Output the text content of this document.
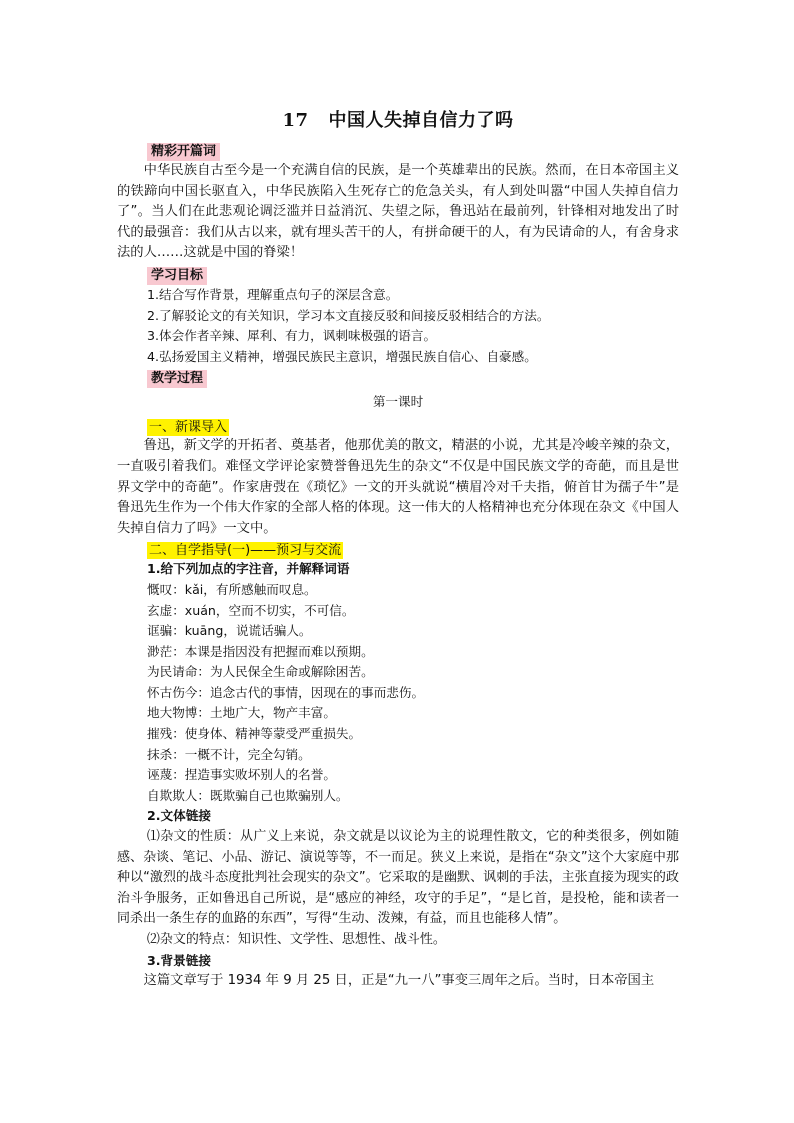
17 中国人失掉自信力了吗
精彩开篇词

中华民族自古至今是一个充满自信的民族，是一个英雄辈出的民族。然而，在日本帝国主义的铁蹄向中国长驱直入，中华民族陷入生死存亡的危急关头，有人到处叫嚣“中国人失掉自信力了”。当人们在此悲观论调泛滥并日益消沉、失望之际，鲁迅站在最前列，针锋相对地发出了时代的最强音：我们从古以来，就有埋头苦干的人，有拼命硬干的人，有为民请命的人，有舍身求法的人……这就是中国的脊梁！

学习目标

1.结合写作背景，理解重点句子的深层含意。

2.了解驳论文的有关知识，学习本文直接反驳和间接反驳相结合的方法。

3.体会作者辛辣、犀利、有力，讽刺味极强的语言。

4.弘扬爱国主义精神，增强民族民主意识，增强民族自信心、自豪感。

教学过程
第一课时
一、新课导入

鲁迅，新文学的开拓者、奠基者，他那优美的散文，精湛的小说，尤其是冷峻辛辣的杂文，一直吸引着我们。难怪文学评论家赞誉鲁迅先生的杂文“不仅是中国民族文学的奇葩，而且是世界文学中的奇葩”。作家唐弢在《琐忆》一文的开头就说“横眉冷对千夫指，俯首甘为孺子牛”是鲁迅先生作为一个伟大作家的全部人格的体现。这一伟大的人格精神也充分体现在杂文《中国人失掉自信力了吗》一文中。

二、自学指导(一)——预习与交流

1.给下列加点的字注音，并解释词语

慨叹：kǎi，有所感触而叹息。

玄虚：xuán，空而不切实，不可信。

诓骗：kuāng，说谎话骗人。

渺茫：本课是指因没有把握而难以预期。

为民请命：为人民保全生命或解除困苦。

怀古伤今：追念古代的事情，因现在的事而悲伤。

地大物博：土地广大，物产丰富。

摧残：使身体、精神等蒙受严重损失。

抹杀：一概不计，完全勾销。

诬蔑：捏造事实败坏别人的名誉。

自欺欺人：既欺骗自己也欺骗别人。

2.文体链接

⑴杂文的性质：从广义上来说，杂文就是以议论为主的说理性散文，它的种类很多，例如随感、杂谈、笔记、小品、游记、演说等等，不一而足。狭义上来说，是指在“杂文”这个大家庭中那种以“激烈的战斗态度批判社会现实的杂文”。它采取的是幽默、讽刺的手法，主张直接为现实的政治斗争服务，正如鲁迅自己所说，是“感应的神经，攻守的手足”，“是匕首，是投枪，能和读者一同杀出一条生存的血路的东西”，写得“生动、泼辣，有益，而且也能移人情”。

⑵杂文的特点：知识性、文学性、思想性、战斗性。

3.背景链接

这篇文章写于 1934 年 9 月 25 日，正是“九一八”事变三周年之后。当时，日本帝国主
